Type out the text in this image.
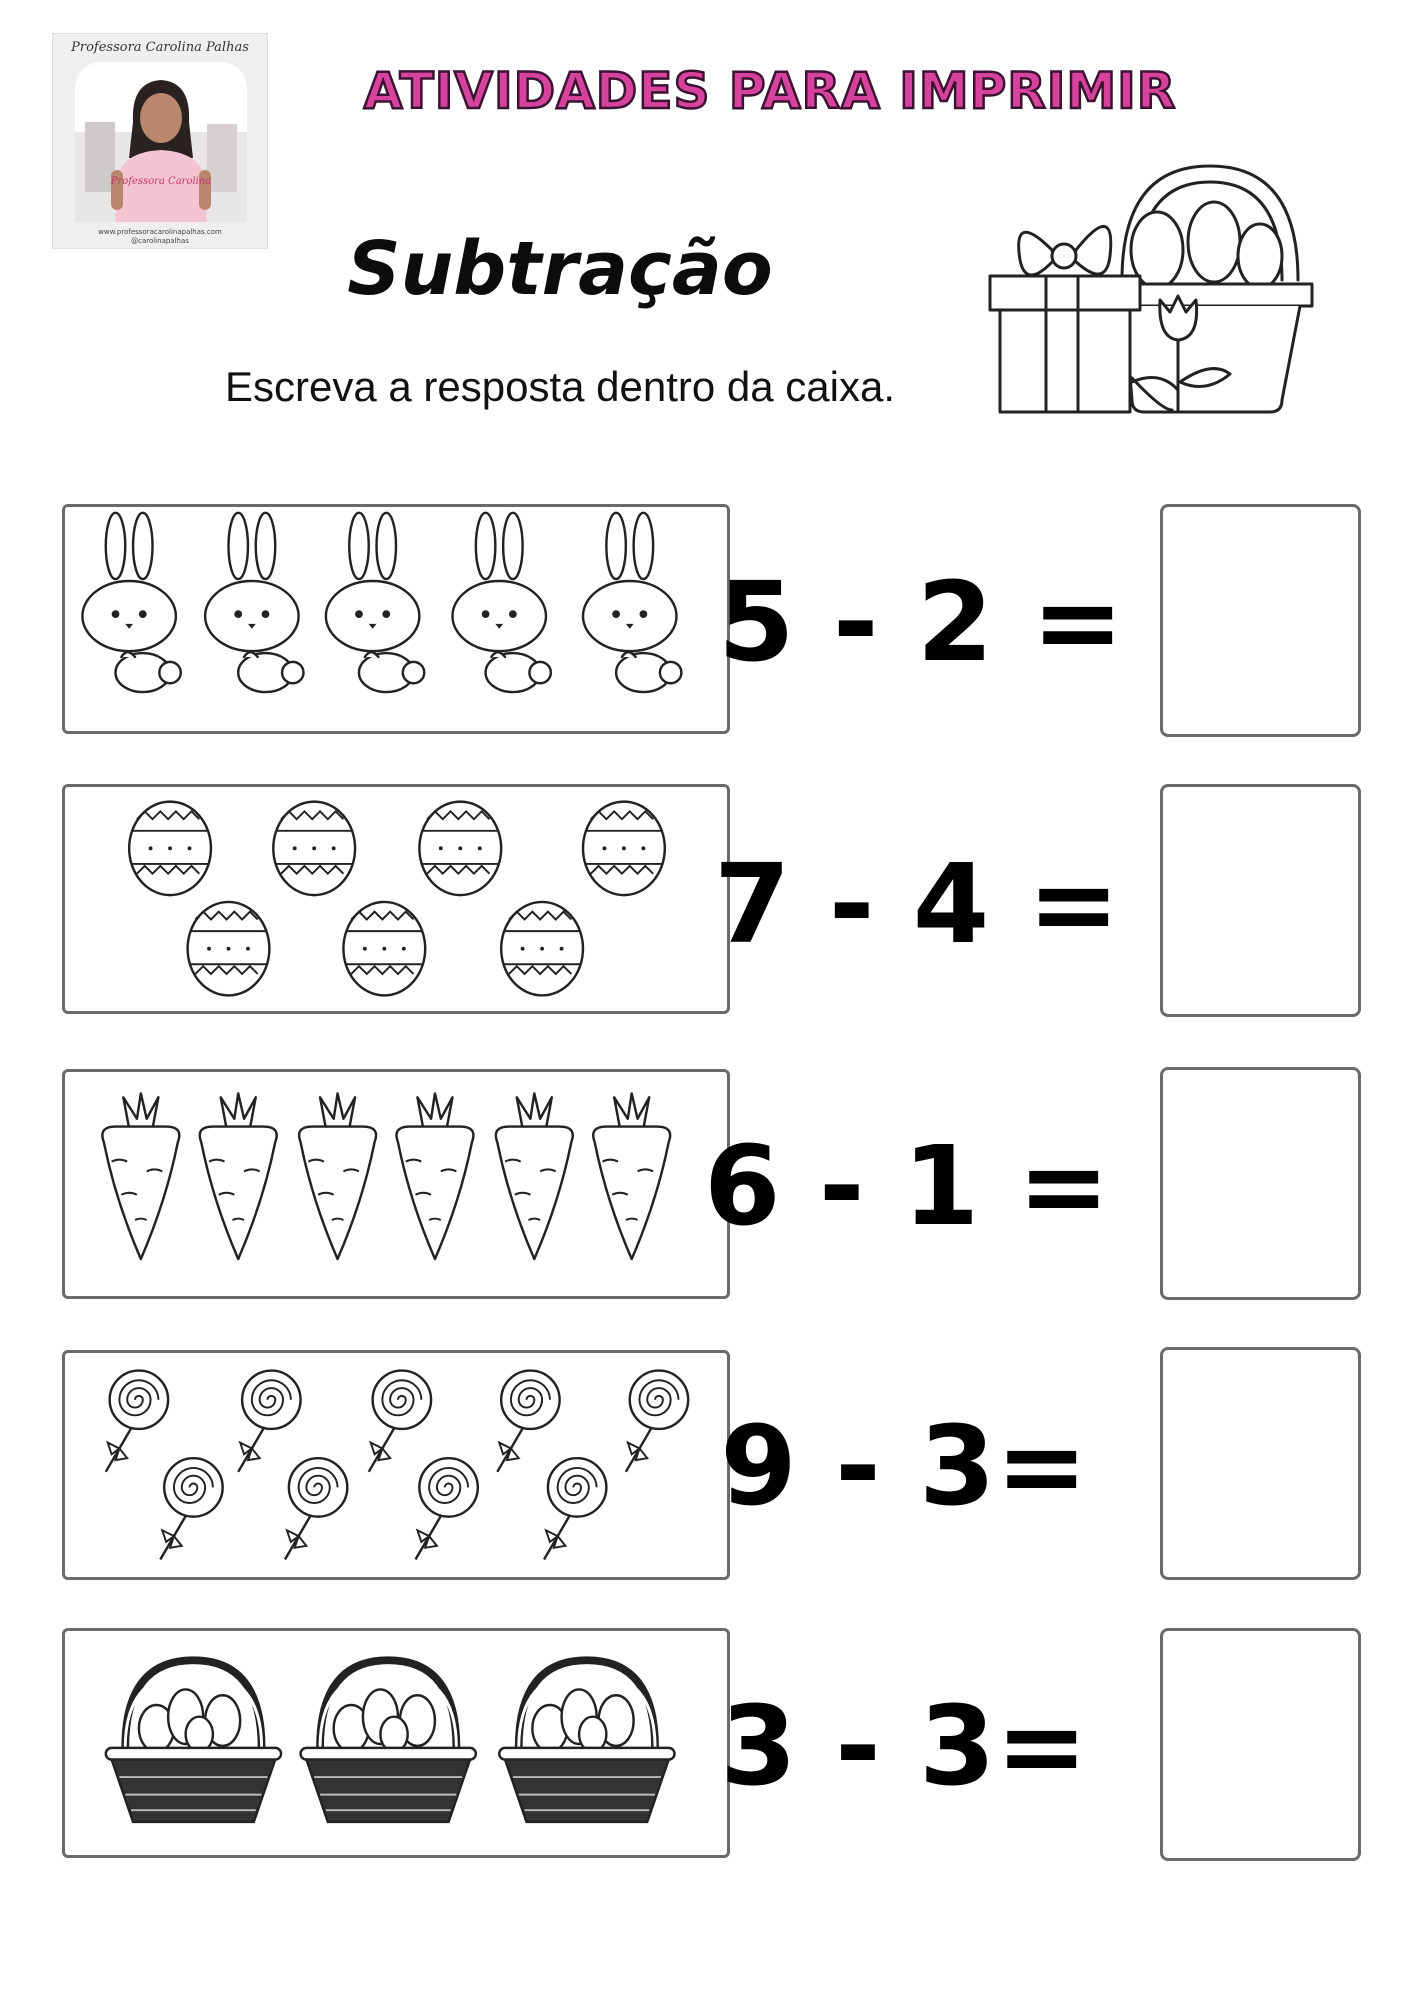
Professora Carolina Palhas
Professora Carolina
www.professoracarolinapalhas.com
@carolinapalhas
ATIVIDADES PARA IMPRIMIR
Subtração
Escreva a resposta dentro da caixa.
5 - 2 =
7 - 4 =
6 - 1 =
9 - 3=
3 - 3=
